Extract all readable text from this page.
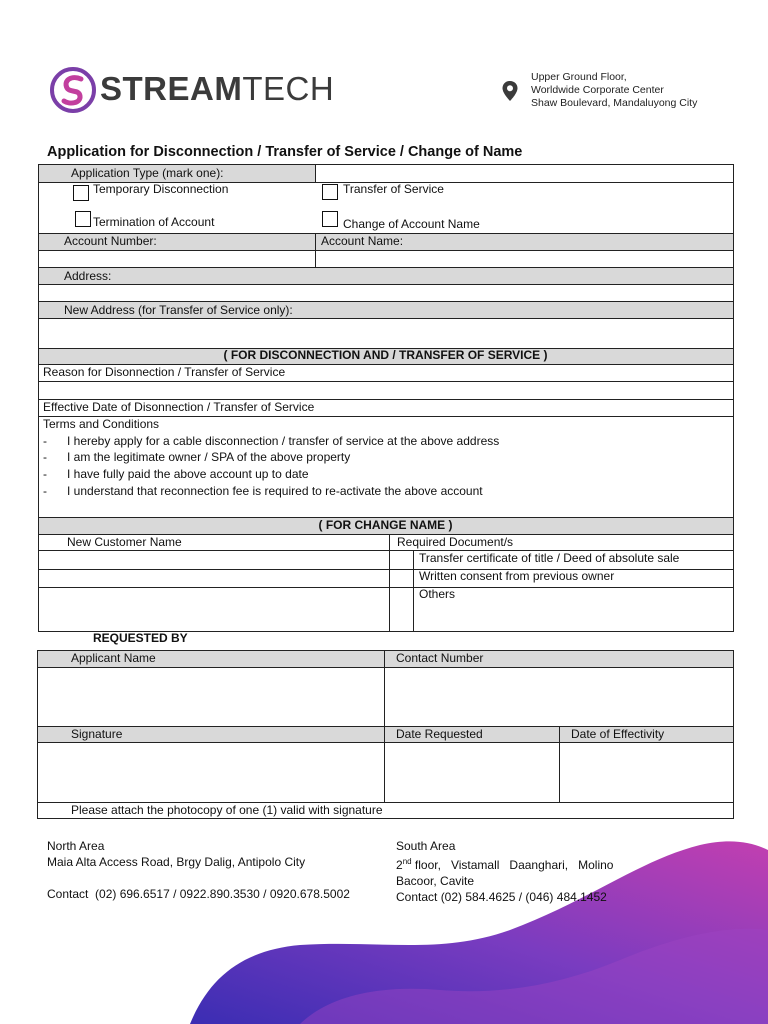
STREAMTECH	Upper Ground Floor,
Worldwide Corporate Center
Shaw Boulevard, Mandaluyong City
Application for Disconnection / Transfer of Service / Change of Name
Application Type (mark one):
Temporary Disconnection	Transfer of Service
Termination of Account	Change of Account Name
Account Number:	Account Name:
Address:
New Address (for Transfer of Service only):
( FOR DISCONNECTION AND / TRANSFER OF SERVICE )
Reason for Disonnection / Transfer of Service
Effective Date of Disonnection / Transfer of Service
Terms and Conditions
- I hereby apply for a cable disconnection / transfer of service at the above address
- I am the legitimate owner / SPA of the above property
- I have fully paid the above account up to date
- I understand that reconnection fee is required to re-activate the above account
( FOR CHANGE NAME )
New Customer Name	Required Document/s
Transfer certificate of title / Deed of absolute sale
Written consent from previous owner
Others
REQUESTED BY
Applicant Name	Contact Number
Signature	Date Requested	Date of Effectivity
Please attach the photocopy of one (1) valid with signature
North Area
Maia Alta Access Road, Brgy Dalig, Antipolo City
Contact  (02) 696.6517 / 0922.890.3530 / 0920.678.5002
South Area
2nd floor,   Vistamall   Daanghari,   Molino
Bacoor, Cavite
Contact (02) 584.4625 / (046) 484.1452
